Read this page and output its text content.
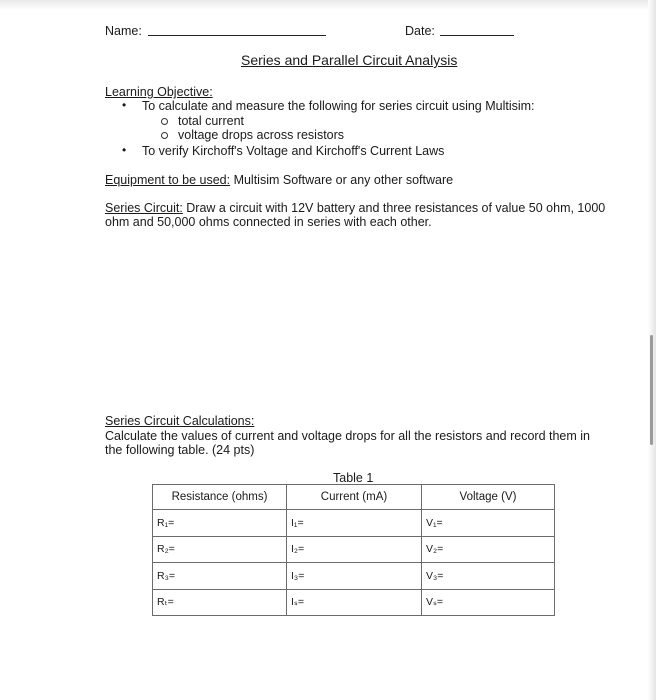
Name:	Date:
Series and Parallel Circuit Analysis
Learning Objective:
• To calculate and measure the following for series circuit using Multisim:
total current
voltage drops across resistors
• To verify Kirchoff's Voltage and Kirchoff's Current Laws
Equipment to be used: Multisim Software or any other software
Series Circuit: Draw a circuit with 12V battery and three resistances of value 50 ohm, 1000
ohm and 50,000 ohms connected in series with each other.
Series Circuit Calculations:
Calculate the values of current and voltage drops for all the resistors and record them in
the following table. (24 pts)
Table 1
Resistance (ohms)	Current (mA)	Voltage (V)
R₁=	I₁=	V₁=
R₂=	I₂=	V₂=
R₃=	I₃=	V₃=
Rₜ=	Iₛ=	Vₛ=
